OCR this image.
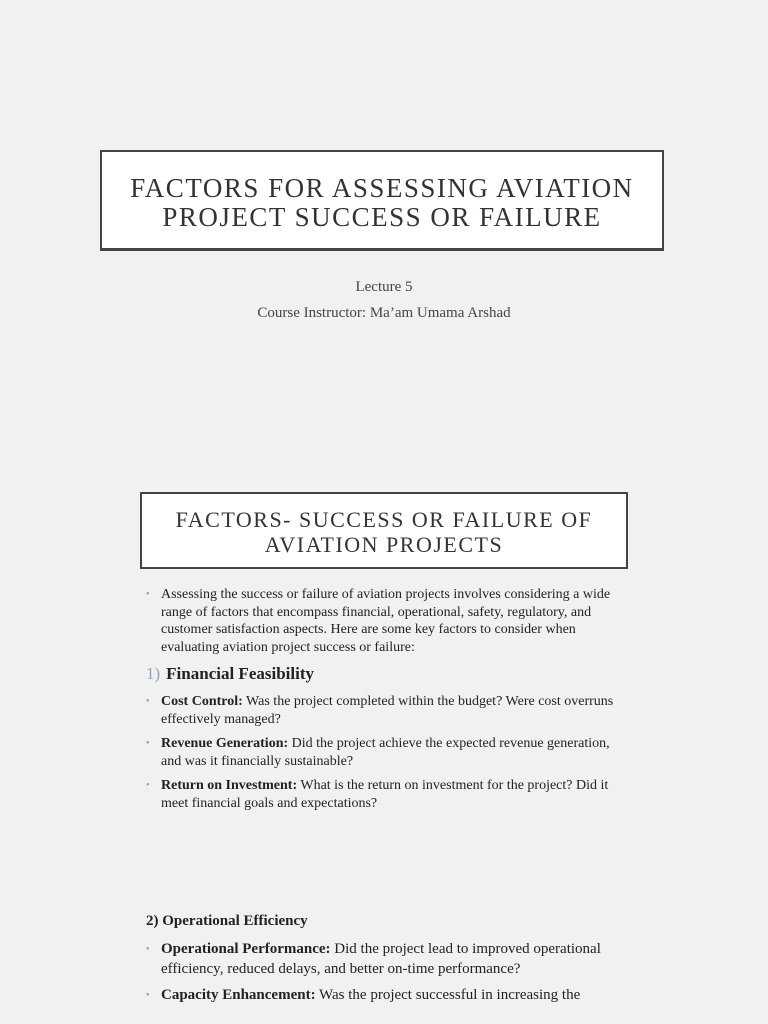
FACTORS FOR ASSESSING AVIATION
PROJECT SUCCESS OR FAILURE
Lecture 5
Course Instructor: Ma’am Umama Arshad
FACTORS- SUCCESS OR FAILURE OF
AVIATION PROJECTS
• Assessing the success or failure of aviation projects involves considering a wide range of factors that encompass financial, operational, safety, regulatory, and customer satisfaction aspects. Here are some key factors to consider when evaluating aviation project success or failure:
1) Financial Feasibility
• Cost Control: Was the project completed within the budget? Were cost overruns effectively managed?
• Revenue Generation: Did the project achieve the expected revenue generation, and was it financially sustainable?
• Return on Investment: What is the return on investment for the project? Did it meet financial goals and expectations?
2) Operational Efficiency
• Operational Performance: Did the project lead to improved operational efficiency, reduced delays, and better on-time performance?
• Capacity Enhancement: Was the project successful in increasing the
